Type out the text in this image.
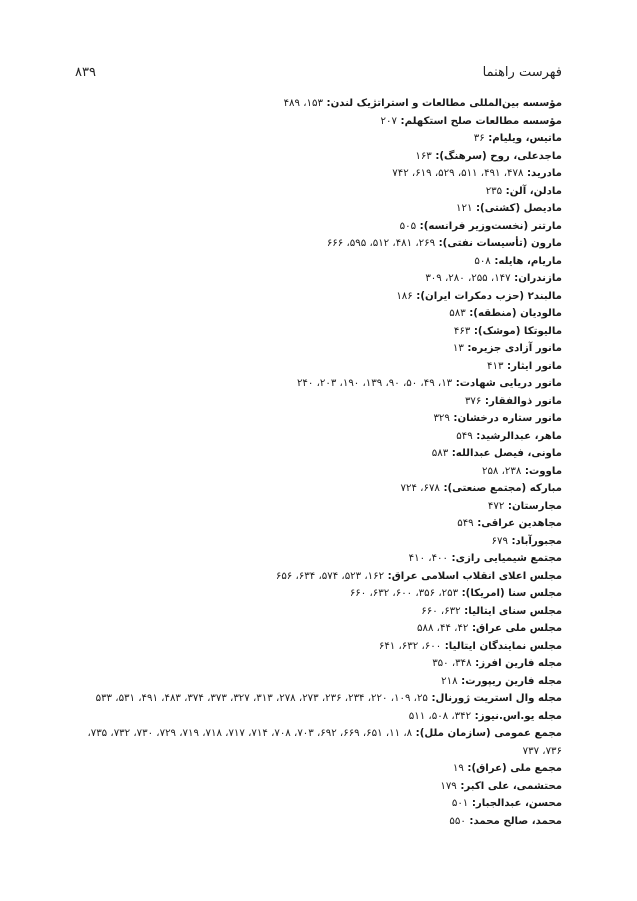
فهرست راهنما
۸۳۹
مؤسسه بین‌المللی مطالعات و استراتژیک لندن: ۱۵۳، ۴۸۹
مؤسسه مطالعات صلح استکهلم: ۲۰۷
ماتیس، ویلیام: ۳۶
ماجدعلی، روح (سرهنگ): ۱۶۳
مادرید: ۴۷۸، ۴۹۱، ۵۱۱، ۵۲۹، ۶۱۹، ۷۴۲
مادلن، آلن: ۲۳۵
مادیصل (کشتی): ۱۲۱
مارتنر (نخست‌وزیر فرانسه): ۵۰۵
مارون (تأسیسات نفتی): ۲۶۹، ۴۸۱، ۵۱۲، ۵۹۵، ۶۶۶
ماریام، هایله: ۵۰۸
مازندران: ۱۴۷، ۲۵۵، ۲۸۰، ۳۰۹
مالبند۲ (حزب دمکرات ایران): ۱۸۶
مالودیان (منطقه): ۵۸۳
مالیوتکا (موشک): ۴۶۳
مانور آزادی جزیره: ۱۳
مانور ایثار: ۴۱۳
مانور دریایی شهادت: ۱۳، ۴۹، ۵۰، ۹۰، ۱۳۹، ۱۹۰، ۲۰۳، ۲۴۰
مانور ذوالفقار: ۳۷۶
مانور ستاره درخشان: ۳۲۹
ماهر، عبدالرشید: ۵۴۹
ماونی، فیصل عبدالله: ۵۸۳
ماووت: ۲۳۸، ۲۵۸
مبارکه (مجتمع صنعتی): ۶۷۸، ۷۲۴
مجارستان: ۴۷۲
مجاهدین عراقی: ۵۴۹
مجبورآباد: ۶۷۹
مجتمع شیمیایی رازی: ۴۰۰، ۴۱۰
مجلس اعلای انقلاب اسلامی عراق: ۱۶۲، ۵۲۳، ۵۷۴، ۶۳۴، ۶۵۶
مجلس سنا (امریکا): ۲۵۳، ۳۵۶، ۶۰۰، ۶۳۲، ۶۶۰
مجلس سنای ایتالیا: ۶۳۲، ۶۶۰
مجلس ملی عراق: ۴۲، ۴۴، ۵۸۸
مجلس نمایندگان ایتالیا: ۶۰۰، ۶۳۲، ۶۴۱
مجله فارین افرز: ۳۴۸، ۳۵۰
مجله فارین ریپورت: ۲۱۸
مجله وال استریت ژورنال: ۲۵، ۱۰۹، ۲۲۰، ۲۳۴، ۲۳۶، ۲۷۳، ۲۷۸، ۳۱۳، ۳۲۷، ۳۷۳، ۳۷۴، ۴۸۳، ۴۹۱، ۵۳۱، ۵۳۳
مجله یو.اس.نیوز: ۳۴۲، ۵۰۸، ۵۱۱
مجمع عمومی (سازمان ملل): ۸، ۱۱، ۶۵۱، ۶۶۹، ۶۹۲، ۷۰۳، ۷۰۸، ۷۱۴، ۷۱۷، ۷۱۸، ۷۱۹، ۷۲۹، ۷۳۰، ۷۳۲، ۷۳۵،
۷۳۶، ۷۳۷
مجمع ملی (عراق): ۱۹
محتشمی، علی اکبر: ۱۷۹
محسن، عبدالجبار: ۵۰۱
محمد، صالح محمد: ۵۵۰
